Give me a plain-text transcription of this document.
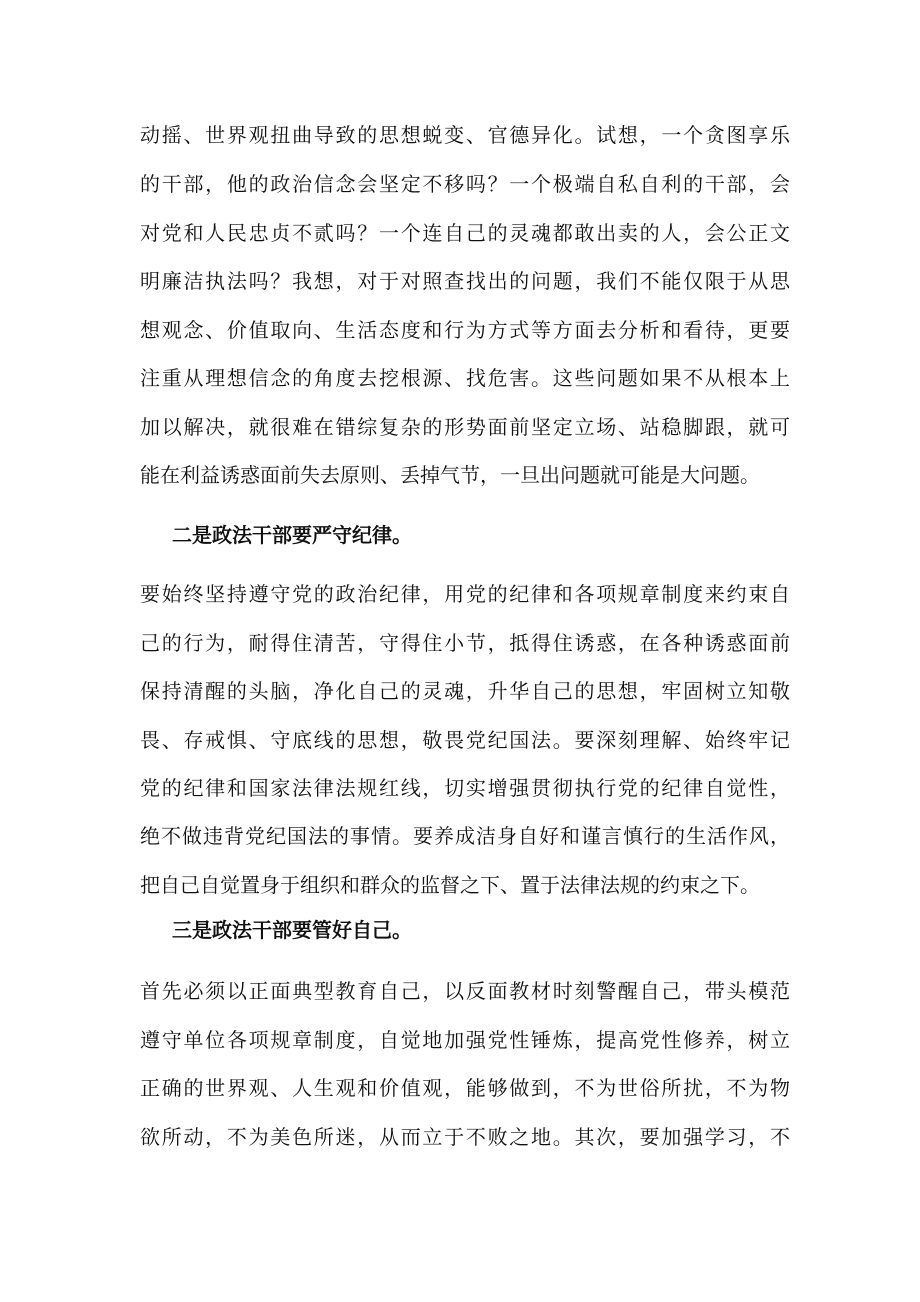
动摇、世界观扭曲导致的思想蜕变、官德异化。试想，一个贪图享乐
的干部，他的政治信念会坚定不移吗？一个极端自私自利的干部，会
对党和人民忠贞不贰吗？一个连自己的灵魂都敢出卖的人，会公正文
明廉洁执法吗？我想，对于对照查找出的问题，我们不能仅限于从思
想观念、价值取向、生活态度和行为方式等方面去分析和看待，更要
注重从理想信念的角度去挖根源、找危害。这些问题如果不从根本上
加以解决，就很难在错综复杂的形势面前坚定立场、站稳脚跟，就可
能在利益诱惑面前失去原则、丢掉气节，一旦出问题就可能是大问题。
二是政法干部要严守纪律。
要始终坚持遵守党的政治纪律，用党的纪律和各项规章制度来约束自
己的行为，耐得住清苦，守得住小节，抵得住诱惑，在各种诱惑面前
保持清醒的头脑，净化自己的灵魂，升华自己的思想，牢固树立知敬
畏、存戒惧、守底线的思想，敬畏党纪国法。要深刻理解、始终牢记
党的纪律和国家法律法规红线，切实增强贯彻执行党的纪律自觉性，
绝不做违背党纪国法的事情。要养成洁身自好和谨言慎行的生活作风，
把自己自觉置身于组织和群众的监督之下、置于法律法规的约束之下。
三是政法干部要管好自己。
首先必须以正面典型教育自己，以反面教材时刻警醒自己，带头模范
遵守单位各项规章制度，自觉地加强党性锤炼，提高党性修养，树立
正确的世界观、人生观和价值观，能够做到，不为世俗所扰，不为物
欲所动，不为美色所迷，从而立于不败之地。其次，要加强学习，不
